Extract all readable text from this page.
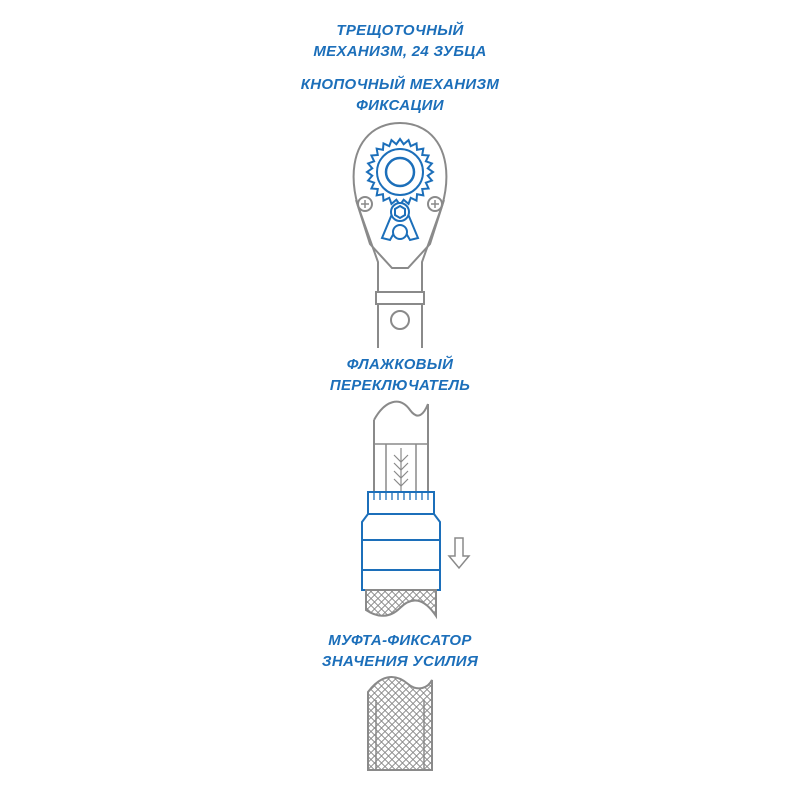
ТРЕЩОТОЧНЫЙ
МЕХАНИЗМ, 24 ЗУБЦА
КНОПОЧНЫЙ МЕХАНИЗМ
ФИКСАЦИИ
ФЛАЖКОВЫЙ
ПЕРЕКЛЮЧАТЕЛЬ
МУФТА-ФИКСАТОР
ЗНАЧЕНИЯ УСИЛИЯ
